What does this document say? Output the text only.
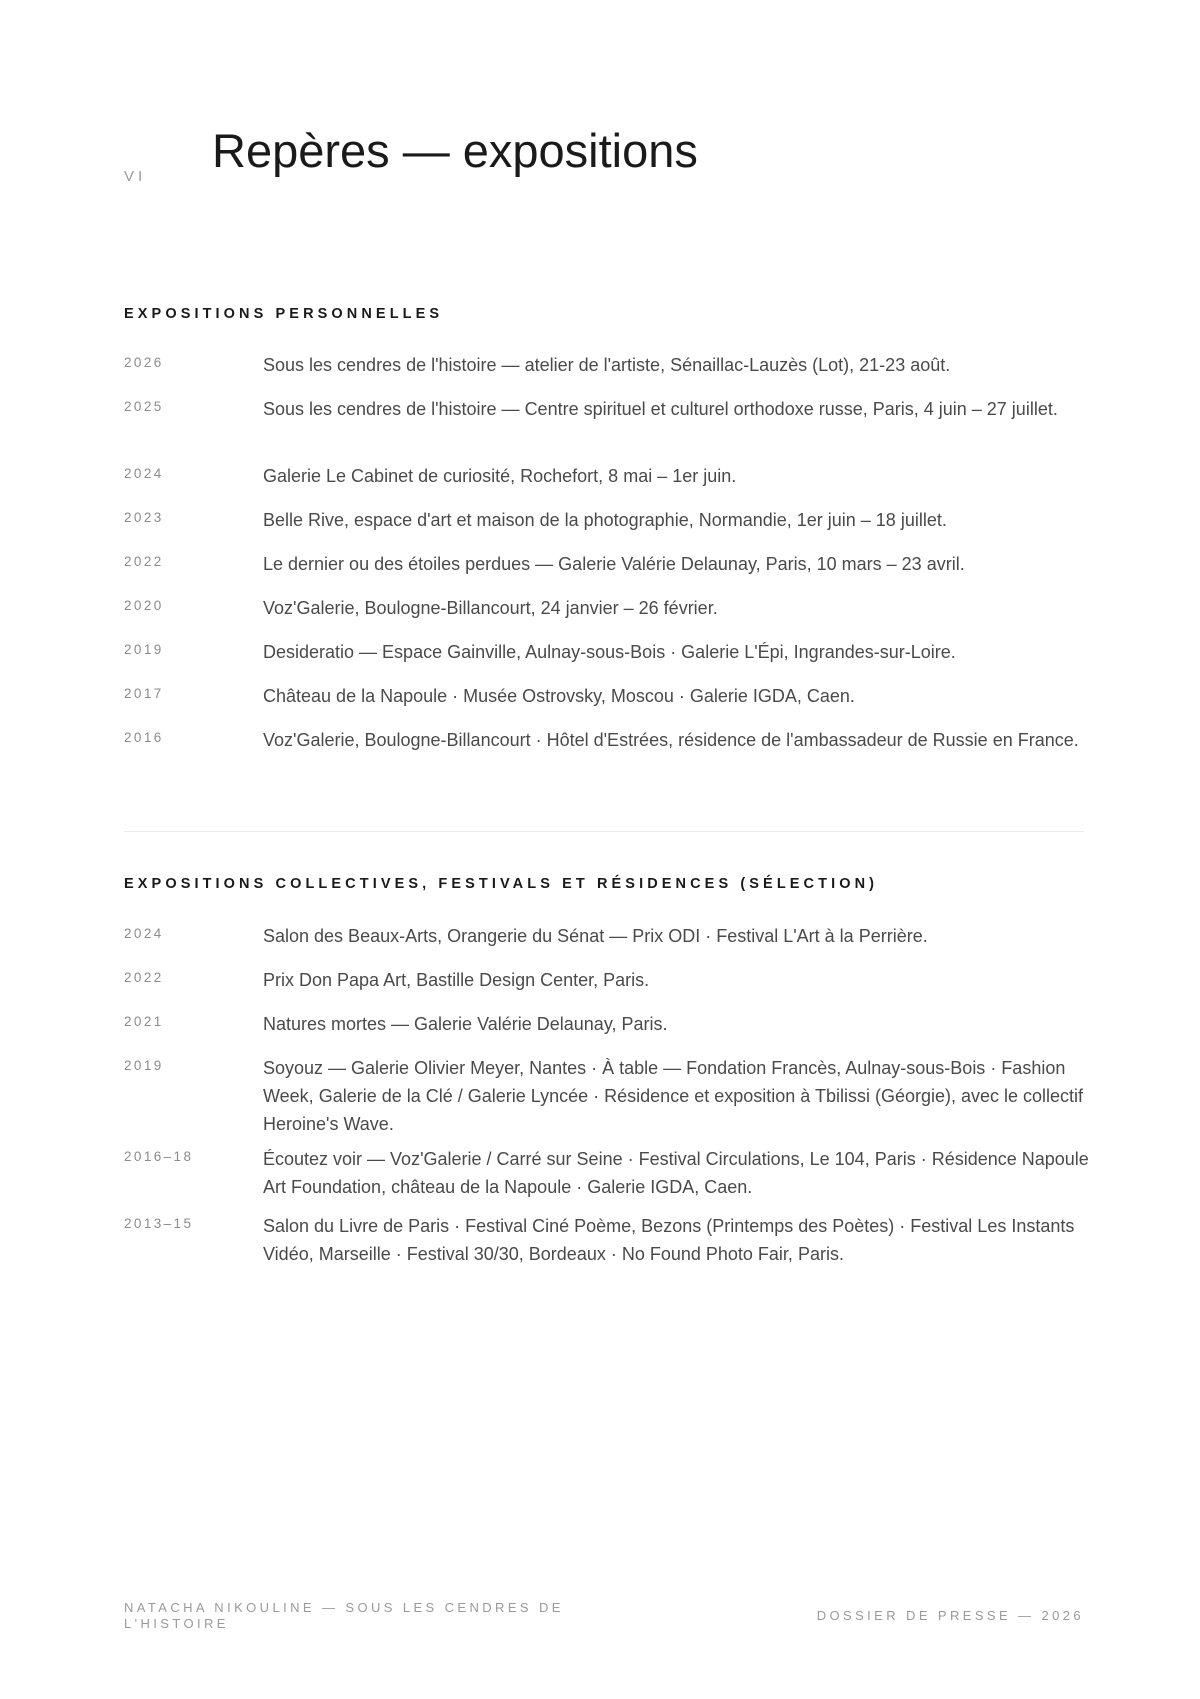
VI Repères — expositions
EXPOSITIONS PERSONNELLES
2026	Sous les cendres de l'histoire — atelier de l'artiste, Sénaillac-Lauzès (Lot), 21-23 août.
2025	Sous les cendres de l'histoire — Centre spirituel et culturel orthodoxe russe, Paris, 4 juin – 27 juillet.
2024	Galerie Le Cabinet de curiosité, Rochefort, 8 mai – 1er juin.
2023	Belle Rive, espace d'art et maison de la photographie, Normandie, 1er juin – 18 juillet.
2022	Le dernier ou des étoiles perdues — Galerie Valérie Delaunay, Paris, 10 mars – 23 avril.
2020	Voz'Galerie, Boulogne-Billancourt, 24 janvier – 26 février.
2019	Desideratio — Espace Gainville, Aulnay-sous-Bois · Galerie L'Épi, Ingrandes-sur-Loire.
2017	Château de la Napoule · Musée Ostrovsky, Moscou · Galerie IGDA, Caen.
2016	Voz'Galerie, Boulogne-Billancourt · Hôtel d'Estrées, résidence de l'ambassadeur de Russie en France.
EXPOSITIONS COLLECTIVES, FESTIVALS ET RÉSIDENCES (SÉLECTION)
2024	Salon des Beaux-Arts, Orangerie du Sénat — Prix ODI · Festival L'Art à la Perrière.
2022	Prix Don Papa Art, Bastille Design Center, Paris.
2021	Natures mortes — Galerie Valérie Delaunay, Paris.
2019	Soyouz — Galerie Olivier Meyer, Nantes · À table — Fondation Francès, Aulnay-sous-Bois · Fashion Week, Galerie de la Clé / Galerie Lyncée · Résidence et exposition à Tbilissi (Géorgie), avec le collectif Heroine's Wave.
2016–18	Écoutez voir — Voz'Galerie / Carré sur Seine · Festival Circulations, Le 104, Paris · Résidence Napoule Art Foundation, château de la Napoule · Galerie IGDA, Caen.
2013–15	Salon du Livre de Paris · Festival Ciné Poème, Bezons (Printemps des Poètes) · Festival Les Instants Vidéo, Marseille · Festival 30/30, Bordeaux · No Found Photo Fair, Paris.
NATACHA NIKOULINE — SOUS LES CENDRES DE L'HISTOIRE
DOSSIER DE PRESSE — 2026
